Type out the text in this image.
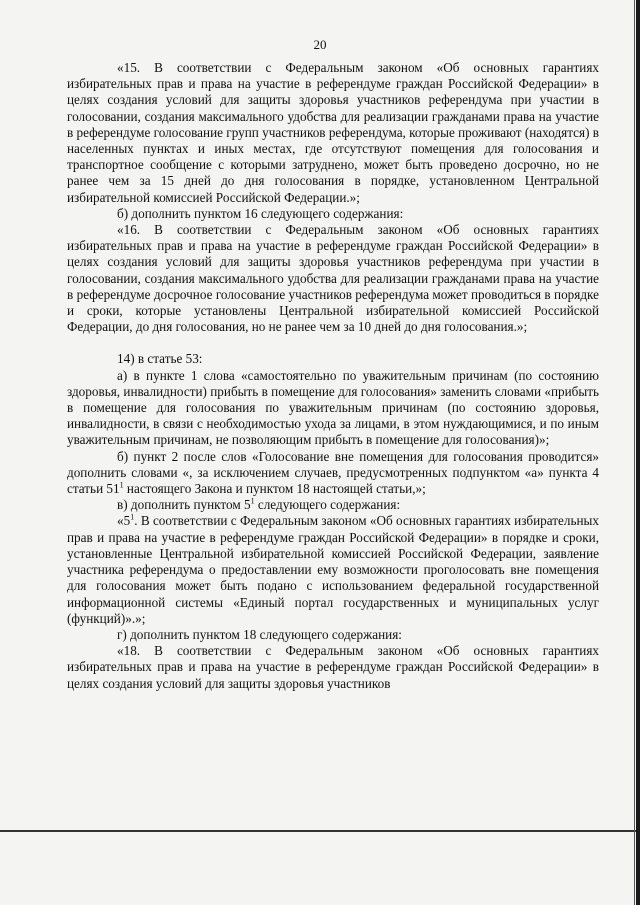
20

«15. В соответствии с Федеральным законом «Об основных гарантиях избирательных прав и права на участие в референдуме граждан Российской Федерации» в целях создания условий для защиты здоровья участников референдума при участии в голосовании, создания максимального удобства для реализации гражданами права на участие в референдуме голосование групп участников референдума, которые проживают (находятся) в населенных пунктах и иных местах, где отсутствуют помещения для голосования и транспортное сообщение с которыми затруднено, может быть проведено досрочно, но не ранее чем за 15 дней до дня голосования в порядке, установленном Центральной избирательной комиссией Российской Федерации.»;

б) дополнить пунктом 16 следующего содержания:

«16. В соответствии с Федеральным законом «Об основных гарантиях избирательных прав и права на участие в референдуме граждан Российской Федерации» в целях создания условий для защиты здоровья участников референдума при участии в голосовании, создания максимального удобства для реализации гражданами права на участие в референдуме досрочное голосование участников референдума может проводиться в порядке и сроки, которые установлены Центральной избирательной комиссией Российской Федерации, до дня голосования, но не ранее чем за 10 дней до дня голосования.»;

14) в статье 53:

а) в пункте 1 слова «самостоятельно по уважительным причинам (по состоянию здоровья, инвалидности) прибыть в помещение для голосования» заменить словами «прибыть в помещение для голосования по уважительным причинам (по состоянию здоровья, инвалидности, в связи с необходимостью ухода за лицами, в этом нуждающимися, и по иным уважительным причинам, не позволяющим прибыть в помещение для голосования)»;

б) пункт 2 после слов «Голосование вне помещения для голосования проводится» дополнить словами «, за исключением случаев, предусмотренных подпунктом «а» пункта 4 статьи $51^1$ настоящего Закона и пунктом 18 настоящей статьи,»;

в) дополнить пунктом $5^1$ следующего содержания:

«$5^1$. В соответствии с Федеральным законом «Об основных гарантиях избирательных прав и права на участие в референдуме граждан Российской Федерации» в порядке и сроки, установленные Центральной избирательной комиссией Российской Федерации, заявление участника референдума о предоставлении ему возможности проголосовать вне помещения для голосования может быть подано с использованием федеральной государственной информационной системы «Единый портал государственных и муниципальных услуг (функций)».»;

г) дополнить пунктом 18 следующего содержания:

«18. В соответствии с Федеральным законом «Об основных гарантиях избирательных прав и права на участие в референдуме граждан Российской Федерации» в целях создания условий для защиты здоровья участников
